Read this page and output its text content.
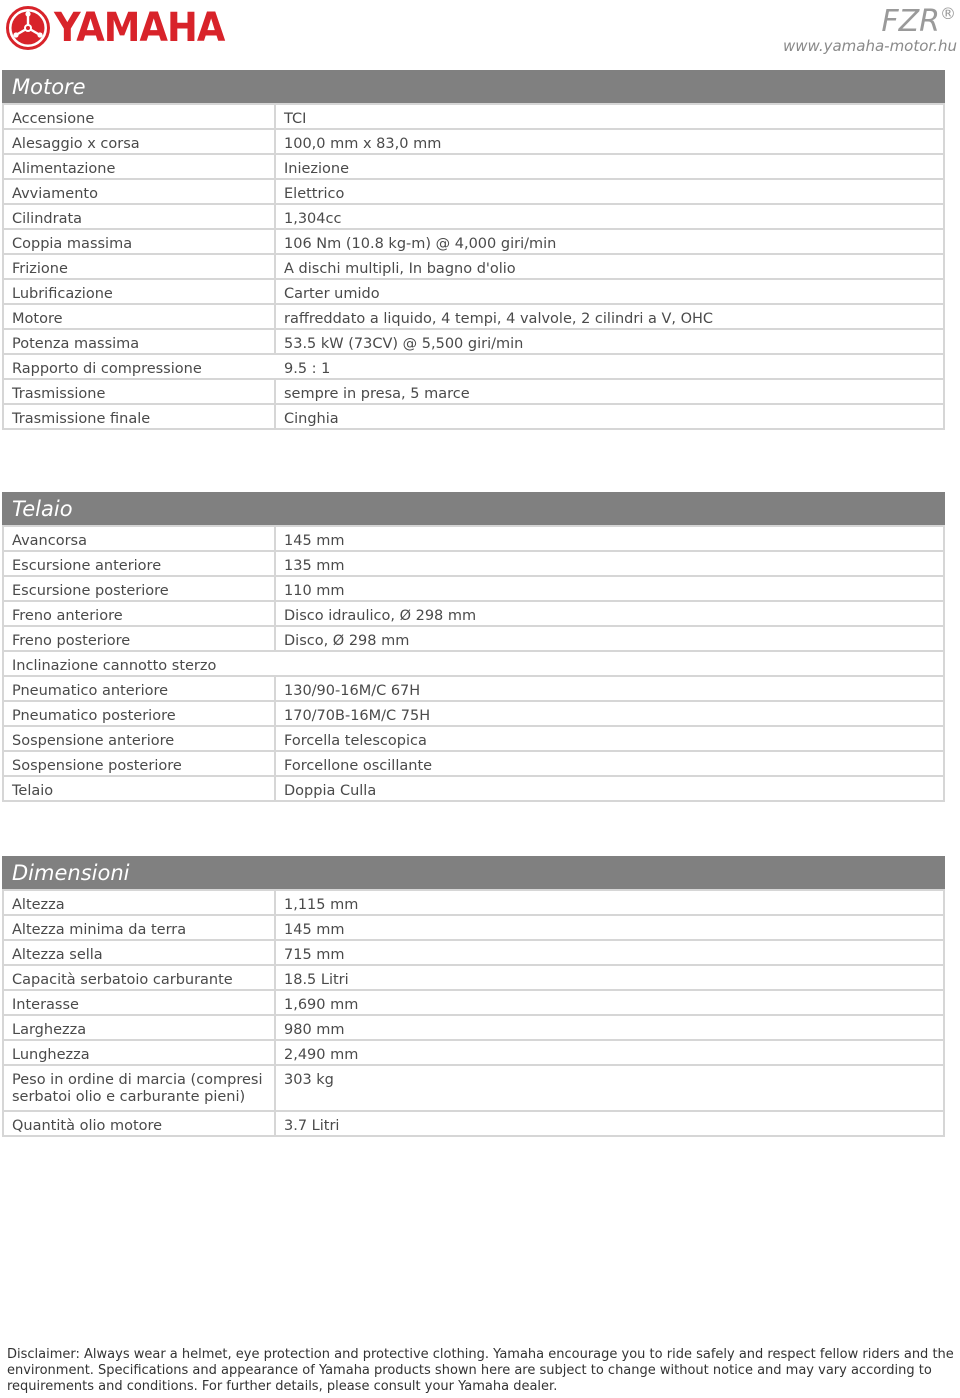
YAMAHA	FZR®
www.yamaha-motor.hu
Motore
Accensione	TCI
Alesaggio x corsa	100,0 mm x 83,0 mm
Alimentazione	Iniezione
Avviamento	Elettrico
Cilindrata	1,304cc
Coppia massima	106 Nm (10.8 kg-m) @ 4,000 giri/min
Frizione	A dischi multipli, In bagno d'olio
Lubrificazione	Carter umido
Motore	raffreddato a liquido, 4 tempi, 4 valvole, 2 cilindri a V, OHC
Potenza massima	53.5 kW (73CV) @ 5,500 giri/min
Rapporto di compressione	9.5 : 1
Trasmissione	sempre in presa, 5 marce
Trasmissione finale	Cinghia
Telaio
Avancorsa	145 mm
Escursione anteriore	135 mm
Escursione posteriore	110 mm
Freno anteriore	Disco idraulico, Ø 298 mm
Freno posteriore	Disco, Ø 298 mm
Inclinazione cannotto sterzo	
Pneumatico anteriore	130/90-16M/C 67H
Pneumatico posteriore	170/70B-16M/C 75H
Sospensione anteriore	Forcella telescopica
Sospensione posteriore	Forcellone oscillante
Telaio	Doppia Culla
Dimensioni
Altezza	1,115 mm
Altezza minima da terra	145 mm
Altezza sella	715 mm
Capacità serbatoio carburante	18.5 Litri
Interasse	1,690 mm
Larghezza	980 mm
Lunghezza	2,490 mm
Peso in ordine di marcia (compresi serbatoi olio e carburante pieni)	303 kg
Quantità olio motore	3.7 Litri
Disclaimer: Always wear a helmet, eye protection and protective clothing. Yamaha encourage you to ride safely and respect fellow riders and the environment. Specifications and appearance of Yamaha products shown here are subject to change without notice and may vary according to requirements and conditions. For further details, please consult your Yamaha dealer.
